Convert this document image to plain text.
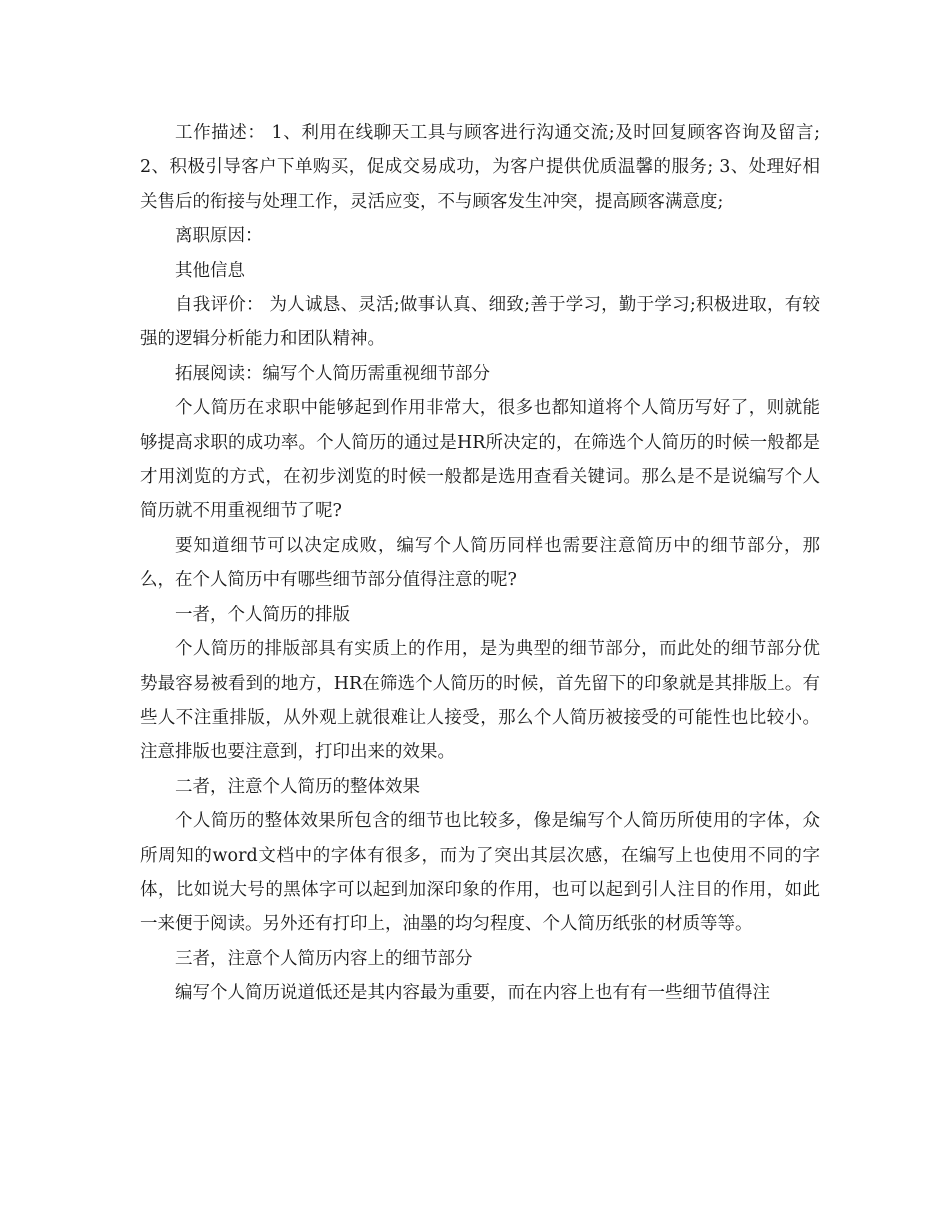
工作描述： 1、利用在线聊天工具与顾客进行沟通交流;及时回复顾客咨询及留言; 2、积极引导客户下单购买，促成交易成功，为客户提供优质温馨的服务; 3、处理好相关售后的衔接与处理工作，灵活应变，不与顾客发生冲突，提高顾客满意度;

离职原因：

其他信息

自我评价： 为人诚恳、灵活;做事认真、细致;善于学习，勤于学习;积极进取，有较强的逻辑分析能力和团队精神。

拓展阅读：编写个人简历需重视细节部分

个人简历在求职中能够起到作用非常大，很多也都知道将个人简历写好了，则就能够提高求职的成功率。个人简历的通过是HR所决定的，在筛选个人简历的时候一般都是才用浏览的方式，在初步浏览的时候一般都是选用查看关键词。那么是不是说编写个人简历就不用重视细节了呢?

要知道细节可以决定成败，编写个人简历同样也需要注意简历中的细节部分，那么，在个人简历中有哪些细节部分值得注意的呢?

一者，个人简历的排版

个人简历的排版部具有实质上的作用，是为典型的细节部分，而此处的细节部分优势最容易被看到的地方，HR在筛选个人简历的时候，首先留下的印象就是其排版上。有些人不注重排版，从外观上就很难让人接受，那么个人简历被接受的可能性也比较小。注意排版也要注意到，打印出来的效果。

二者，注意个人简历的整体效果

个人简历的整体效果所包含的细节也比较多，像是编写个人简历所使用的字体，众所周知的word文档中的字体有很多，而为了突出其层次感，在编写上也使用不同的字体，比如说大号的黑体字可以起到加深印象的作用，也可以起到引人注目的作用，如此一来便于阅读。另外还有打印上，油墨的均匀程度、个人简历纸张的材质等等。

三者，注意个人简历内容上的细节部分

编写个人简历说道低还是其内容最为重要，而在内容上也有有一些细节值得注
